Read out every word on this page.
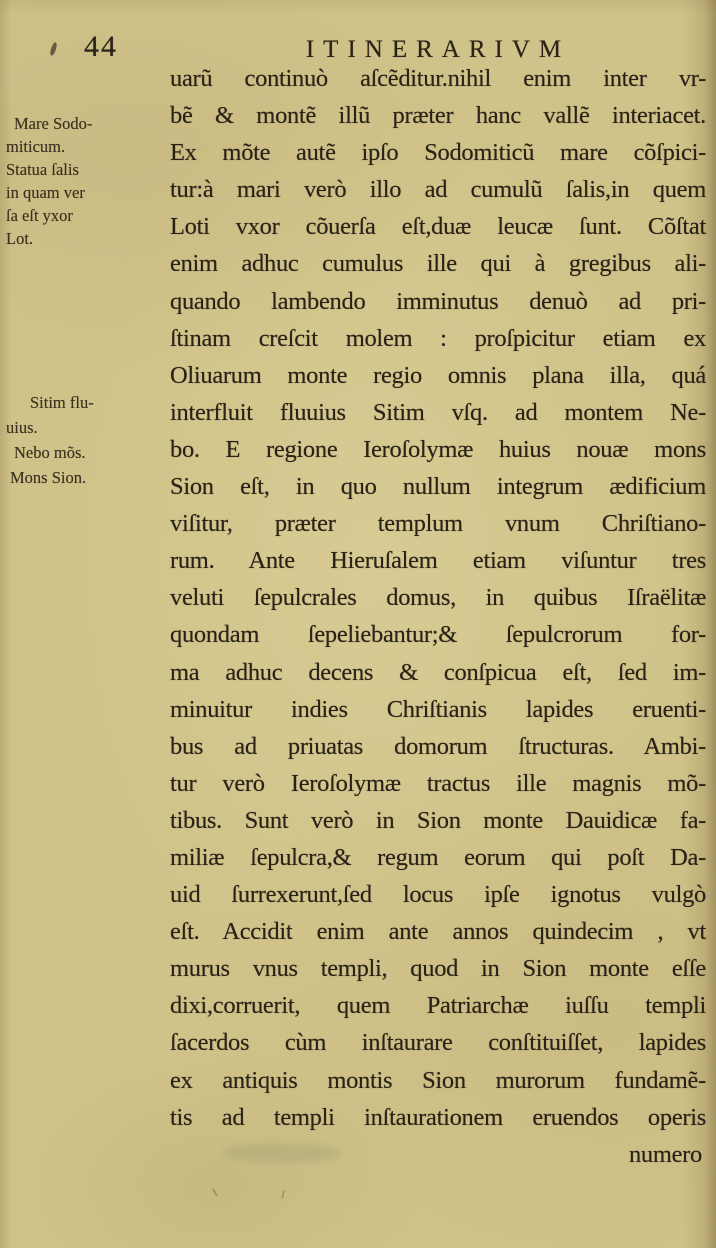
44	ITINERARIVM
Mare Sodo-
miticum.
Statua ſalis
in quam ver
ſa eſt yxor
Lot.
Sitim flu-
uius.
Nebo mõs.
Mons Sion.
uarũ continuò aſcẽditur.nihil enim inter vr-
bẽ & montẽ illũ præter hanc vallẽ interiacet.
Ex mõte autẽ ipſo Sodomiticũ mare cõſpici-
tur:à mari verò illo ad cumulũ ſalis,in quem
Loti vxor cõuerſa eſt,duæ leucæ ſunt. Cõſtat
enim adhuc cumulus ille qui à gregibus ali-
quando lambendo imminutus denuò ad pri-
ſtinam creſcit molem : proſpicitur etiam ex
Oliuarum monte regio omnis plana illa, quá
interfluit fluuius Sitim vſq. ad montem Ne-
bo. E regione Ieroſolymæ huius nouæ mons
Sion eſt, in quo nullum integrum ædificium
viſitur, præter templum vnum Chriſtiano-
rum. Ante Hieruſalem etiam viſuntur tres
veluti ſepulcrales domus, in quibus Iſraëlitæ
quondam ſepeliebantur;& ſepulcrorum for-
ma adhuc decens & conſpicua eſt, ſed im-
minuitur indies Chriſtianis lapides eruenti-
bus ad priuatas domorum ſtructuras. Ambi-
tur verò Ieroſolymæ tractus ille magnis mõ-
tibus. Sunt verò in Sion monte Dauidicæ fa-
miliæ ſepulcra,& regum eorum qui poſt Da-
uid ſurrexerunt,ſed locus ipſe ignotus vulgò
eſt. Accidit enim ante annos quindecim , vt
murus vnus templi, quod in Sion monte eſſe
dixi,corruerit, quem Patriarchæ iuſſu templi
ſacerdos cùm inſtaurare conſtituiſſet, lapides
ex antiquis montis Sion murorum fundamẽ-
tis ad templi inſtaurationem eruendos operis
numero
